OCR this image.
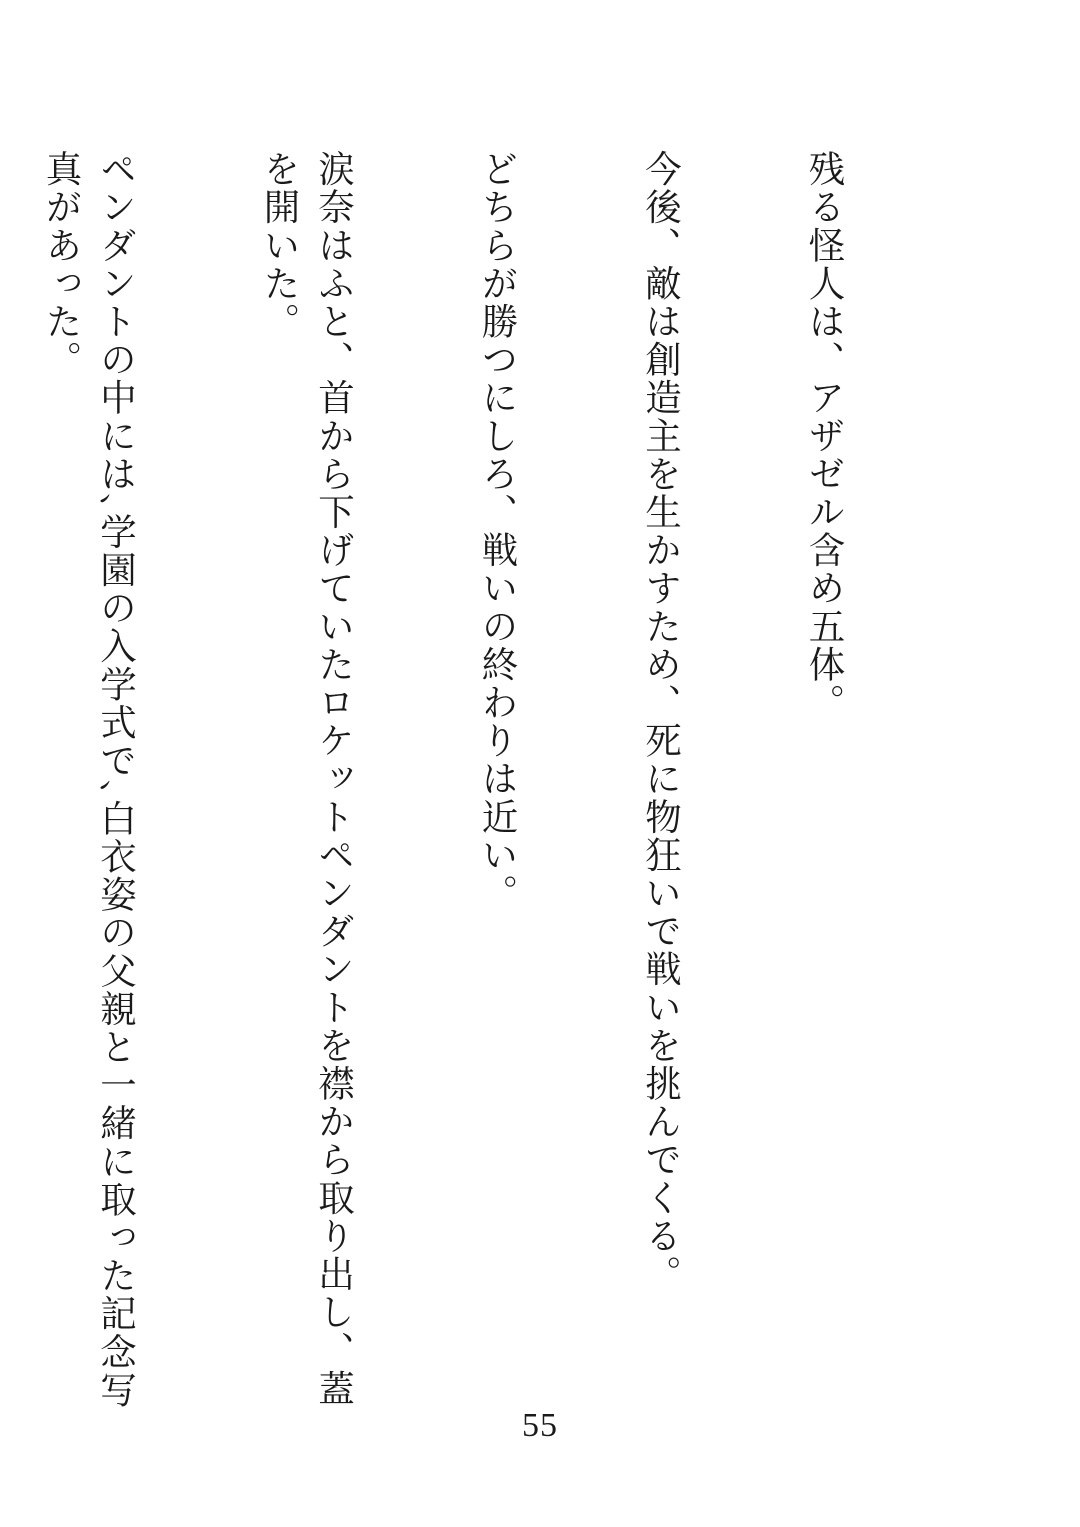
残る怪人は、アザゼル含め五体。

今後、敵は創造主を生かすため、死に物狂いで戦いを挑んでくる。

どちらが勝つにしろ、戦いの終わりは近い。

涙奈はふと、首から下げていたロケットペンダントを襟から取り出し、蓋を開いた。

ペンダントの中には､学園の入学式で､白衣姿の父親と一緒に取った記念写真があった。

55
